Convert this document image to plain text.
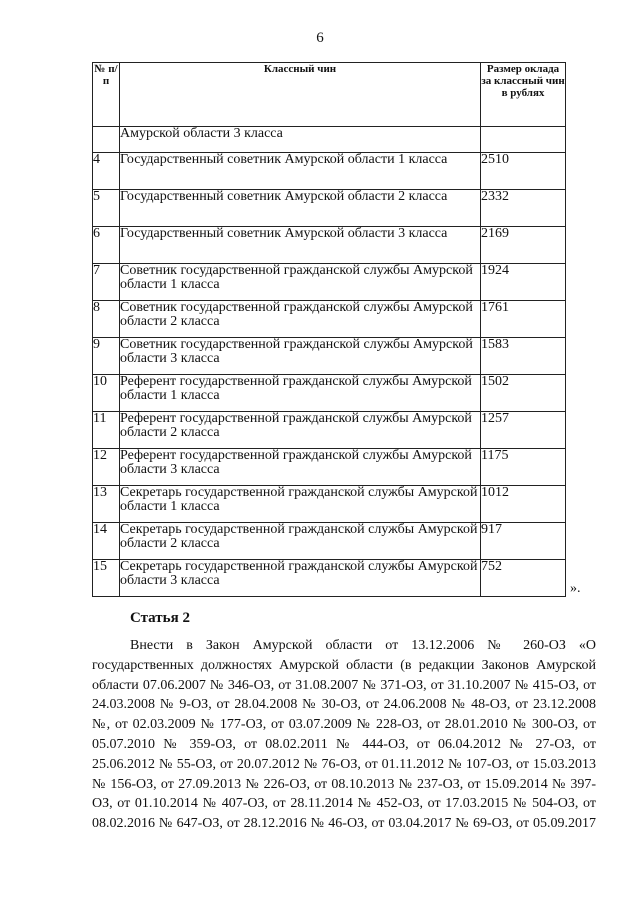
6
№ п/п	Классный чин	Размер оклада за классный чин в рублях
	Амурской области 3 класса	
4	Государственный советник Амурской области 1 класса	2510
5	Государственный советник Амурской области 2 класса	2332
6	Государственный советник Амурской области 3 класса	2169
7	Советник государственной гражданской службы Амурской области 1 класса	1924
8	Советник государственной гражданской службы Амурской области 2 класса	1761
9	Советник государственной гражданской службы Амурской области 3 класса	1583
10	Референт государственной гражданской службы Амурской области 1 класса	1502
11	Референт государственной гражданской службы Амурской области 2 класса	1257
12	Референт государственной гражданской службы Амурской области 3 класса	1175
13	Секретарь государственной гражданской службы Амурской области 1 класса	1012
14	Секретарь государственной гражданской службы Амурской области 2 класса	917
15	Секретарь государственной гражданской службы Амурской области 3 класса	752
».
Статья 2

Внести в Закон Амурской области от 13.12.2006 № 260-ОЗ «О государственных должностях Амурской области (в редакции Законов Амурской области 07.06.2007 № 346-ОЗ, от 31.08.2007 № 371-ОЗ, от 31.10.2007 № 415-ОЗ, от 24.03.2008 № 9-ОЗ, от 28.04.2008 № 30-ОЗ, от 24.06.2008 № 48-ОЗ, от 23.12.2008 №, от 02.03.2009 № 177-ОЗ, от 03.07.2009 № 228-ОЗ, от 28.01.2010 № 300-ОЗ, от 05.07.2010 № 359-ОЗ, от 08.02.2011 № 444-ОЗ, от 06.04.2012 № 27-ОЗ, от 25.06.2012 № 55-ОЗ, от 20.07.2012 № 76-ОЗ, от 01.11.2012 № 107-ОЗ, от 15.03.2013 № 156-ОЗ, от 27.09.2013 № 226-ОЗ, от 08.10.2013 № 237-ОЗ, от 15.09.2014 № 397-ОЗ, от 01.10.2014 № 407-ОЗ, от 28.11.2014 № 452-ОЗ, от 17.03.2015 № 504-ОЗ, от 08.02.2016 № 647-ОЗ, от 28.12.2016 № 46-ОЗ, от 03.04.2017 № 69-ОЗ, от 05.09.2017
